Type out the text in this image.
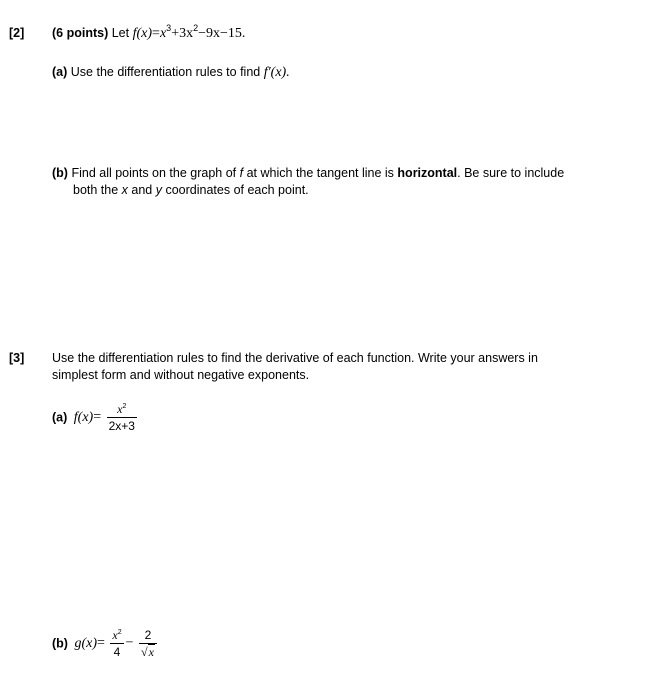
[2] (6 points) Let $f(x)=x^3+3x^2-9x-15$.
(a) Use the differentiation rules to find f′(x).
(b) Find all points on the graph of f at which the tangent line is horizontal. Be sure to include
both the x and y coordinates of each point.
[3] Use the differentiation rules to find the derivative of each function. Write your answers in
simplest form and without negative exponents.
(a) $f(x)= \frac{x^2}{2x+3}$
(b) $g(x)= \frac{x^2}{4} - \frac{2}{√x}$
